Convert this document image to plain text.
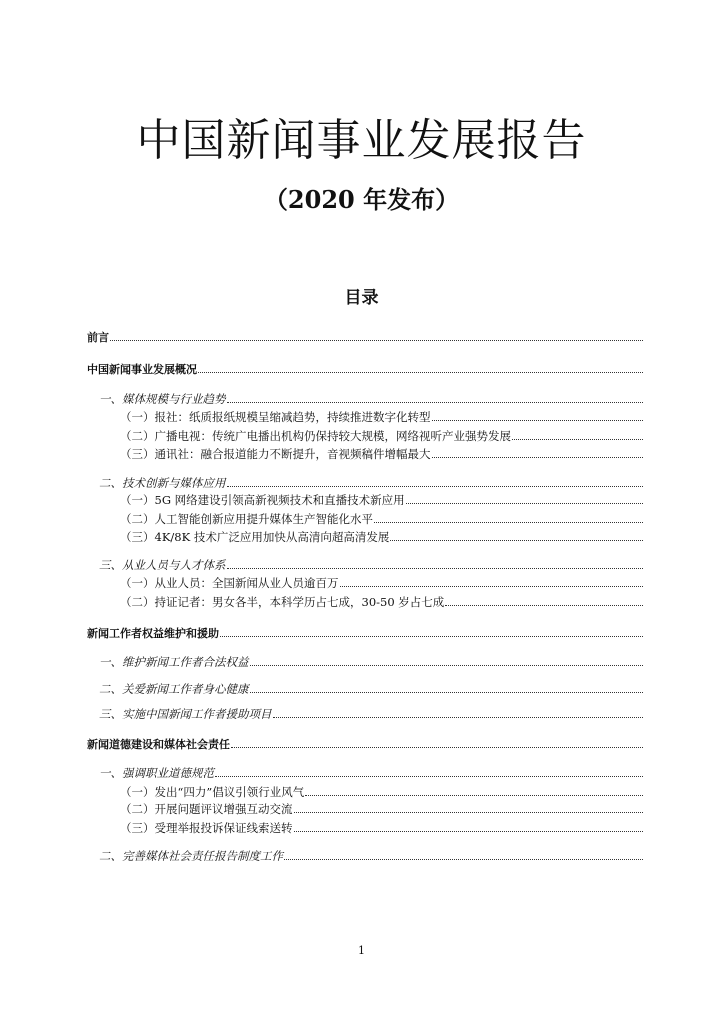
中国新闻事业发展报告
（2020 年发布）
目录
前言
中国新闻事业发展概况
一、媒体规模与行业趋势
（一）报社：纸质报纸规模呈缩减趋势，持续推进数字化转型
（二）广播电视：传统广电播出机构仍保持较大规模，网络视听产业强势发展
（三）通讯社：融合报道能力不断提升，音视频稿件增幅最大
二、技术创新与媒体应用
（一）5G 网络建设引领高新视频技术和直播技术新应用
（二）人工智能创新应用提升媒体生产智能化水平
（三）4K/8K 技术广泛应用加快从高清向超高清发展
三、从业人员与人才体系
（一）从业人员：全国新闻从业人员逾百万
（二）持证记者：男女各半，本科学历占七成，30-50 岁占七成
新闻工作者权益维护和援助
一、维护新闻工作者合法权益
二、关爱新闻工作者身心健康
三、实施中国新闻工作者援助项目
新闻道德建设和媒体社会责任
一、强调职业道德规范
（一）发出“四力”倡议引领行业风气
（二）开展问题评议增强互动交流
（三）受理举报投诉保证线索送转
二、完善媒体社会责任报告制度工作
1
